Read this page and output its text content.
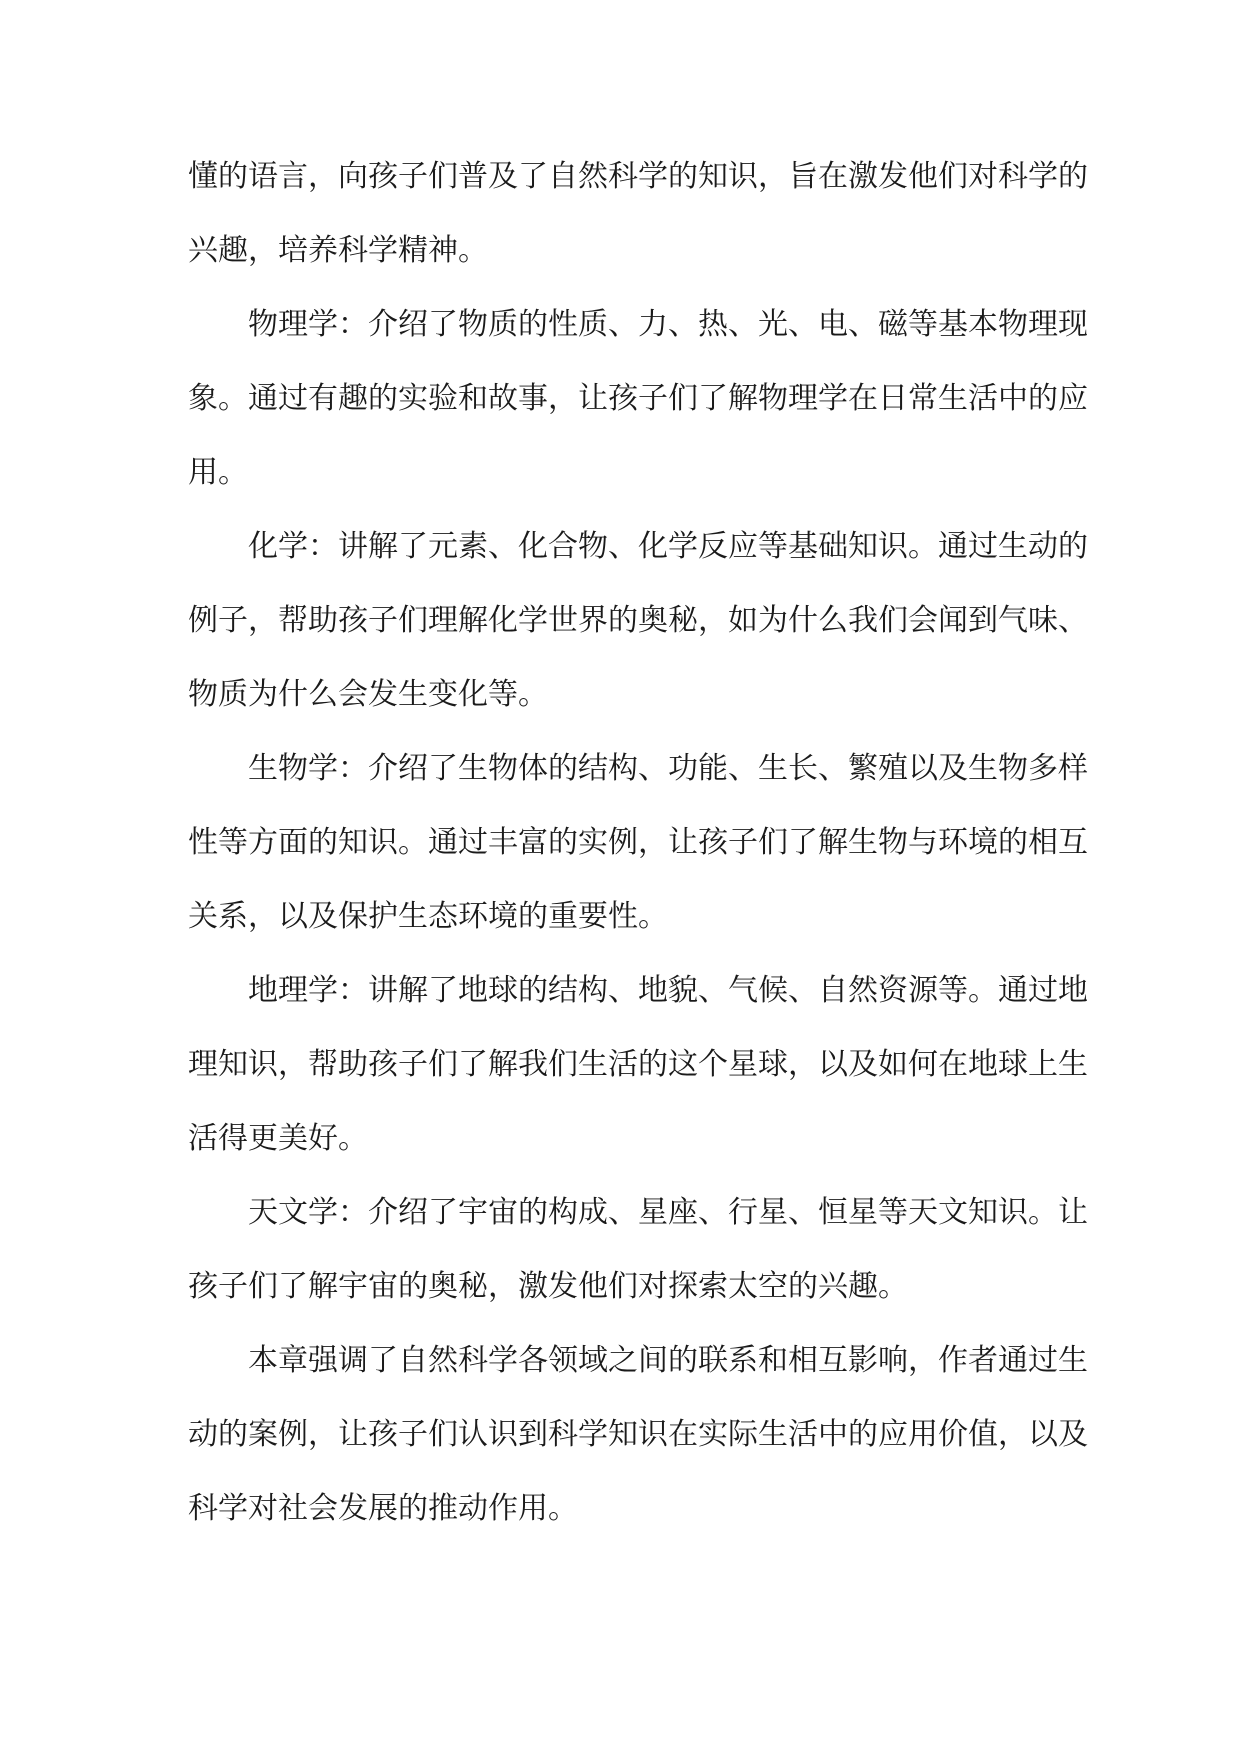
懂的语言，向孩子们普及了自然科学的知识，旨在激发他们对科学的
兴趣，培养科学精神。
物理学：介绍了物质的性质、力、热、光、电、磁等基本物理现
象。通过有趣的实验和故事，让孩子们了解物理学在日常生活中的应
用。
化学：讲解了元素、化合物、化学反应等基础知识。通过生动的
例子，帮助孩子们理解化学世界的奥秘，如为什么我们会闻到气味、
物质为什么会发生变化等。
生物学：介绍了生物体的结构、功能、生长、繁殖以及生物多样
性等方面的知识。通过丰富的实例，让孩子们了解生物与环境的相互
关系，以及保护生态环境的重要性。
地理学：讲解了地球的结构、地貌、气候、自然资源等。通过地
理知识，帮助孩子们了解我们生活的这个星球，以及如何在地球上生
活得更美好。
天文学：介绍了宇宙的构成、星座、行星、恒星等天文知识。让
孩子们了解宇宙的奥秘，激发他们对探索太空的兴趣。
本章强调了自然科学各领域之间的联系和相互影响，作者通过生
动的案例，让孩子们认识到科学知识在实际生活中的应用价值，以及
科学对社会发展的推动作用。
